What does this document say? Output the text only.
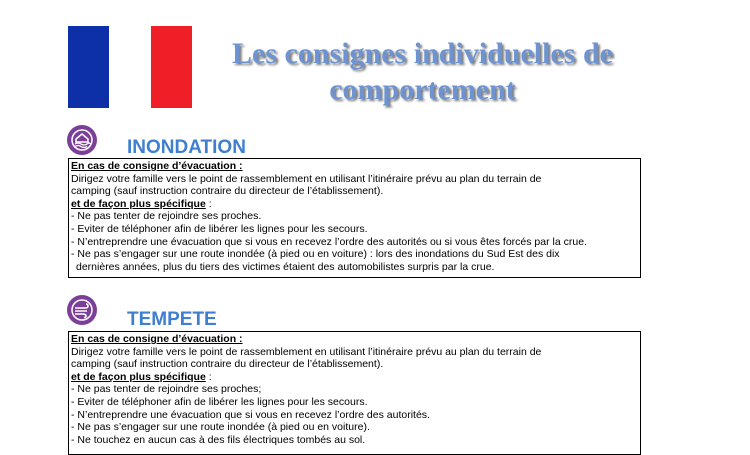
Les consignes individuelles de
comportement
INONDATION

En cas de consigne d’évacuation :

Dirigez votre famille vers le point de rassemblement en utilisant l’itinéraire prévu au plan du terrain de

camping (sauf instruction contraire du directeur de l’établissement).

et de façon plus spécifique :

- Ne pas tenter de rejoindre ses proches.

- Eviter de téléphoner afin de libérer les lignes pour les secours.

- N’entreprendre une évacuation que si vous en recevez l’ordre des autorités ou si vous êtes forcés par la crue.

- Ne pas s’engager sur une route inondée (à pied ou en voiture) : lors des inondations du Sud Est des dix

dernières années, plus du tiers des victimes étaient des automobilistes surpris par la crue.

TEMPETE

En cas de consigne d’évacuation :

Dirigez votre famille vers le point de rassemblement en utilisant l’itinéraire prévu au plan du terrain de

camping (sauf instruction contraire du directeur de l’établissement).

et de façon plus spécifique :

- Ne pas tenter de rejoindre ses proches;

- Eviter de téléphoner afin de libérer les lignes pour les secours.

- N’entreprendre une évacuation que si vous en recevez l’ordre des autorités.

- Ne pas s’engager sur une route inondée (à pied ou en voiture).

- Ne touchez en aucun cas à des fils électriques tombés au sol.
